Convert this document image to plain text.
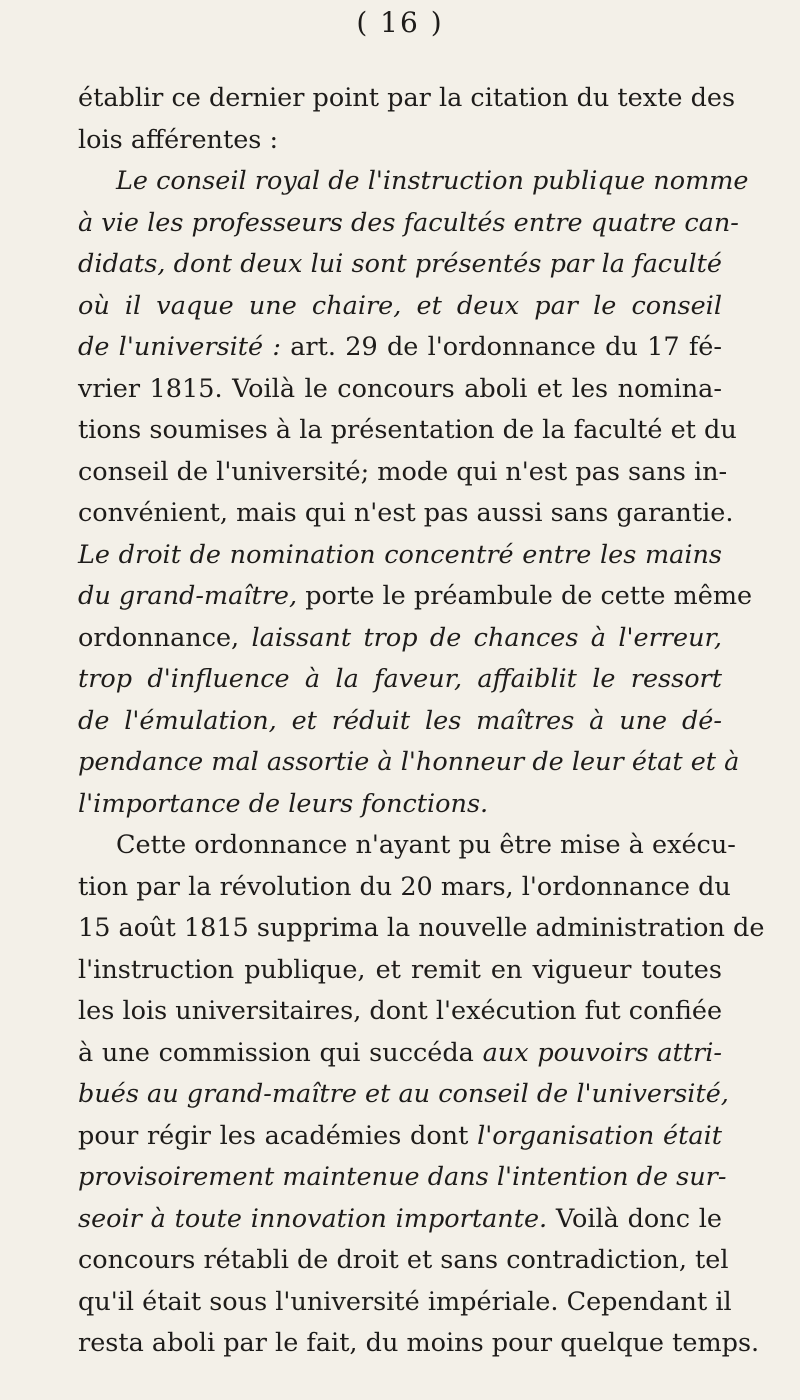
( 16 )
établir ce dernier point par la citation du texte des
lois afférentes :
Le conseil royal de l'instruction publique nomme
à vie les professeurs des facultés entre quatre can-
didats, dont deux lui sont présentés par la faculté
où il vaque une chaire, et deux par le conseil
de l'université : art. 29 de l'ordonnance du 17 fé-
vrier 1815. Voilà le concours aboli et les nomina-
tions soumises à la présentation de la faculté et du
conseil de l'université; mode qui n'est pas sans in-
convénient, mais qui n'est pas aussi sans garantie.
Le droit de nomination concentré entre les mains
du grand-maître, porte le préambule de cette même
ordonnance, laissant trop de chances à l'erreur,
trop d'influence à la faveur, affaiblit le ressort
de l'émulation, et réduit les maîtres à une dé-
pendance mal assortie à l'honneur de leur état et à
l'importance de leurs fonctions.
Cette ordonnance n'ayant pu être mise à exécu-
tion par la révolution du 20 mars, l'ordonnance du
15 août 1815 supprima la nouvelle administration de
l'instruction publique, et remit en vigueur toutes
les lois universitaires, dont l'exécution fut confiée
à une commission qui succéda aux pouvoirs attri-
bués au grand-maître et au conseil de l'université,
pour régir les académies dont l'organisation était
provisoirement maintenue dans l'intention de sur-
seoir à toute innovation importante. Voilà donc le
concours rétabli de droit et sans contradiction, tel
qu'il était sous l'université impériale. Cependant il
resta aboli par le fait, du moins pour quelque temps.
